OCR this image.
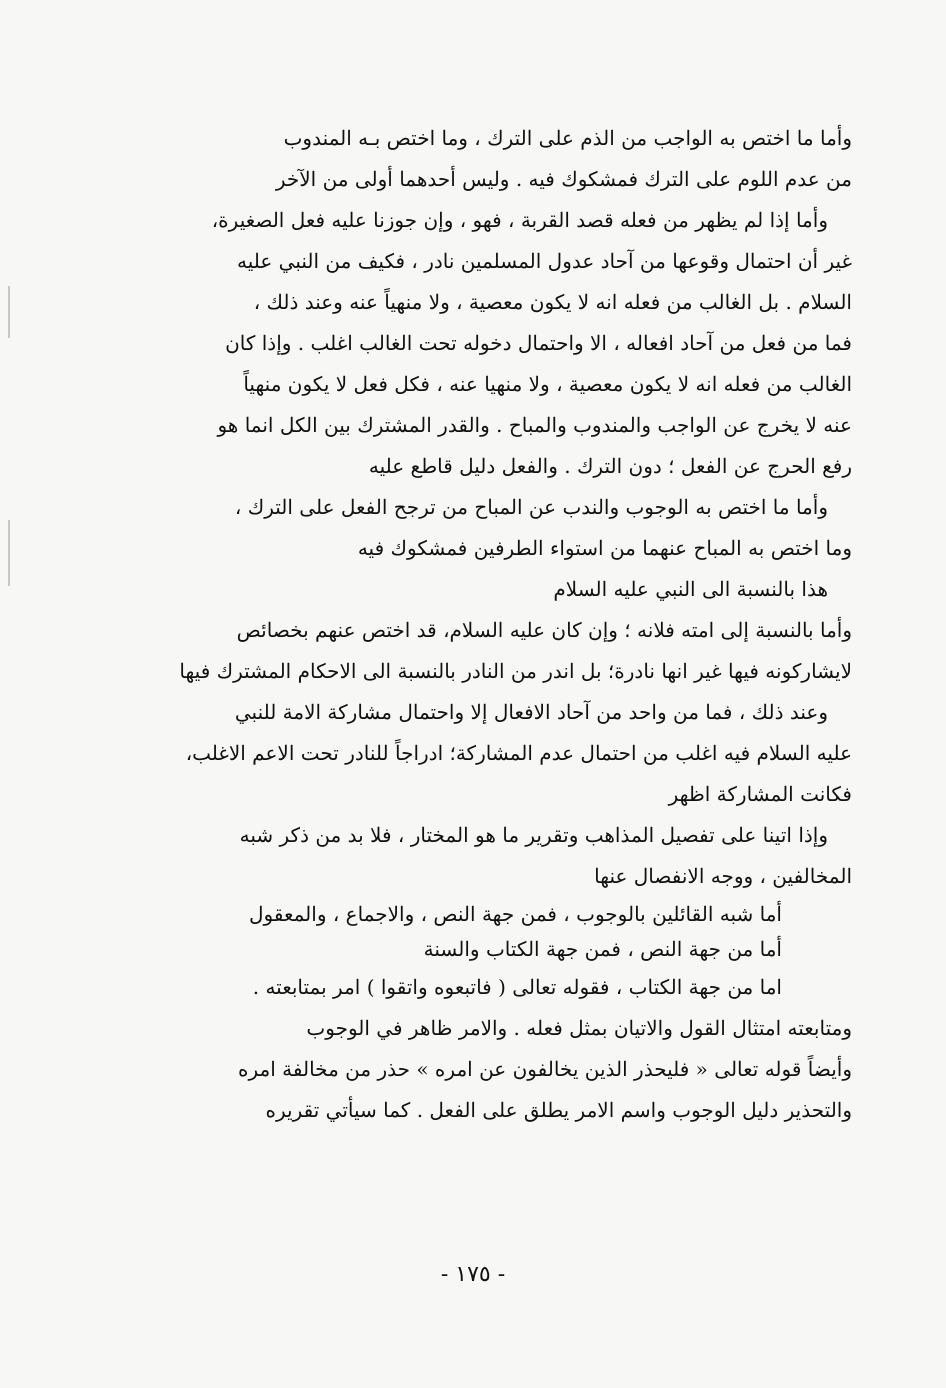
وأما ما اختص به الواجب من الذم على الترك ، وما اختص بـه المندوب
من عدم اللوم على الترك فمشكوك فيه . وليس أحدهما أولى من الآخر
وأما إذا لم يظهر من فعله قصد القربة ، فهو ، وإن جوزنا عليه فعل الصغيرة،
غير أن احتمال وقوعها من آحاد عدول المسلمين نادر ، فكيف من النبي عليه
السلام . بل الغالب من فعله انه لا يكون معصية ، ولا منهياً عنه وعند ذلك ،
فما من فعل من آحاد افعاله ، الا واحتمال دخوله تحت الغالب اغلب . وإذا كان
الغالب من فعله انه لا يكون معصية ، ولا منهيا عنه ، فكل فعل لا يكون منهياً
عنه لا يخرج عن الواجب والمندوب والمباح . والقدر المشترك بين الكل انما هو
رفع الحرج عن الفعل ؛ دون الترك . والفعل دليل قاطع عليه
وأما ما اختص به الوجوب والندب عن المباح من ترجح الفعل على الترك ،
وما اختص به المباح عنهما من استواء الطرفين فمشكوك فيه
هذا بالنسبة الى النبي عليه السلام
وأما بالنسبة إلى امته فلانه ؛ وإن كان عليه السلام، قد اختص عنهم بخصائص
لايشاركونه فيها غير انها نادرة؛ بل اندر من النادر بالنسبة الى الاحكام المشترك فيها
وعند ذلك ، فما من واحد من آحاد الافعال إلا واحتمال مشاركة الامة للنبي
عليه السلام فيه اغلب من احتمال عدم المشاركة؛ ادراجاً للنادر تحت الاعم الاغلب،
فكانت المشاركة اظهر
وإذا اتينا على تفصيل المذاهب وتقرير ما هو المختار ، فلا بد من ذكر شبه
المخالفين ، ووجه الانفصال عنها
أما شبه القائلين بالوجوب ، فمن جهة النص ، والاجماع ، والمعقول
أما من جهة النص ، فمن جهة الكتاب والسنة
اما من جهة الكتاب ، فقوله تعالى ( فاتبعوه واتقوا ) امر بمتابعته .
ومتابعته امتثال القول والاتيان بمثل فعله . والامر ظاهر في الوجوب
وأيضاً قوله تعالى « فليحذر الذين يخالفون عن امره » حذر من مخالفة امره
والتحذير دليل الوجوب واسم الامر يطلق على الفعل . كما سيأتي تقريره
- ١٧٥ -
